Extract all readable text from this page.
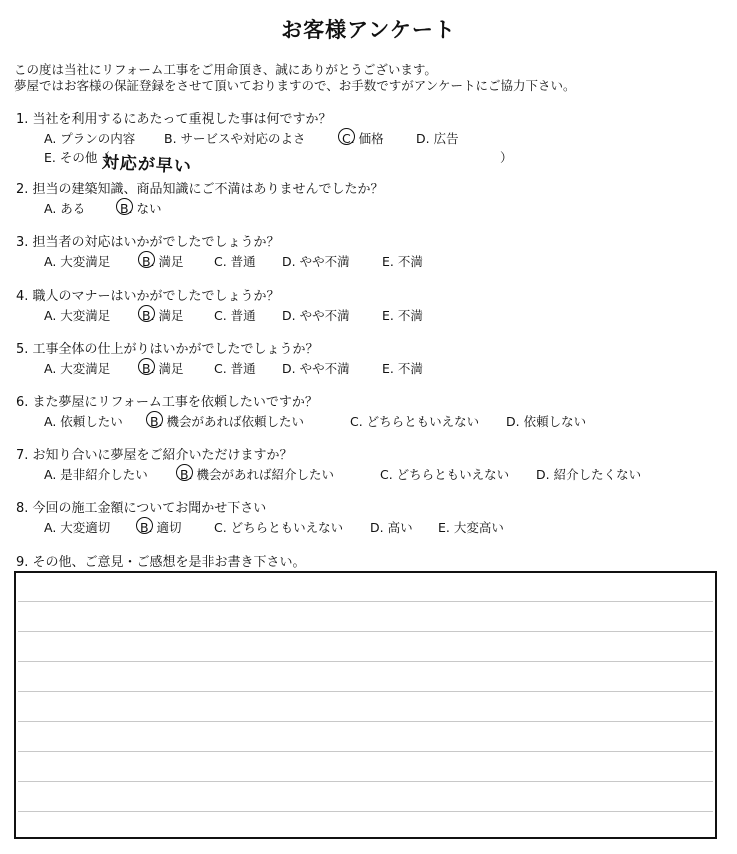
お客様アンケート
この度は当社にリフォーム工事をご用命頂き、誠にありがとうございます。
夢屋ではお客様の保証登録をさせて頂いておりますので、お手数ですがアンケートにご協力下さい。
1. 当社を利用するにあたって重視した事は何ですか？
A. プランの内容 B. サービスや対応のよさ	C. 価格	D. 広告
E. その他（
対応が早い	）
2. 担当の建築知識、商品知識にご不満はありませんでしたか？
A. ある	B. ない
3. 担当者の対応はいかがでしたでしょうか？
A. 大変満足	B. 満足 C. 普通 D. やや不満	E. 不満
4. 職人のマナーはいかがでしたでしょうか？
A. 大変満足	B. 満足 C. 普通 D. やや不満	E. 不満
5. 工事全体の仕上がりはいかがでしたでしょうか？
A. 大変満足	B. 満足 C. 普通 D. やや不満	E. 不満
6. また夢屋にリフォーム工事を依頼したいですか？
A. 依頼したい B. 機会があれば依頼したい	C. どちらともいえない D. 依頼しない
7. お知り合いに夢屋をご紹介いただけますか？
A. 是非紹介したい	B. 機会があれば紹介したい	C. どちらともいえない D. 紹介したくない
8. 今回の施工金額についてお聞かせ下さい
A. 大変適切 B. 適切	C. どちらともいえない D. 高い E. 大変高い
9. その他、ご意見・ご感想を是非お書き下さい。
